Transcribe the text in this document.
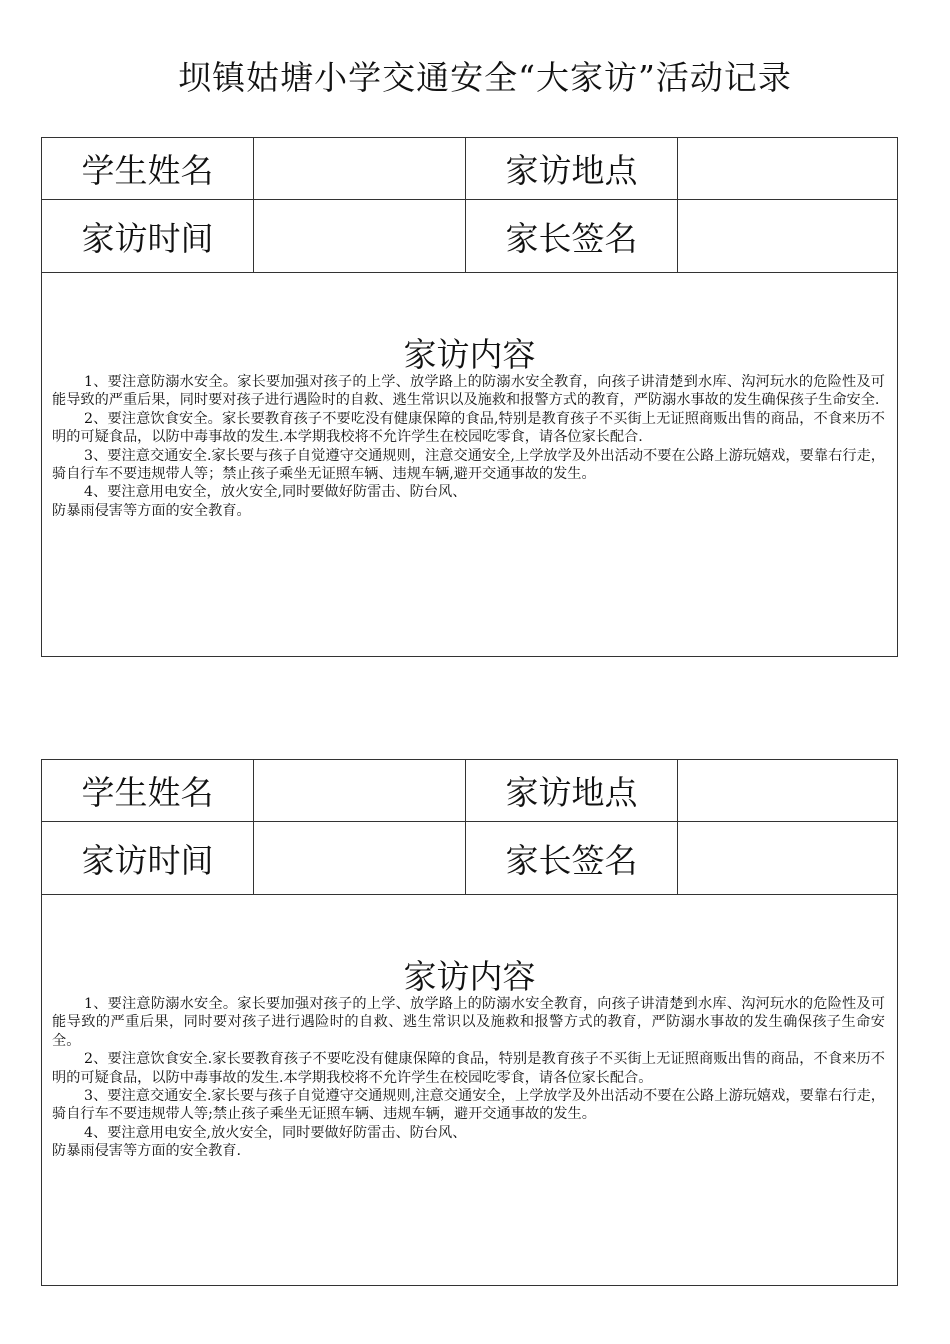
坝镇姑塘小学交通安全“大家访”活动记录
学生姓名	家访地点
家访时间	家长签名
家访内容

1、要注意防溺水安全。家长要加强对孩子的上学、放学路上的防溺水安全教育，向孩子讲清楚到水库、沟河玩水的危险性及可能导致的严重后果，同时要对孩子进行遇险时的自救、逃生常识以及施救和报警方式的教育，严防溺水事故的发生确保孩子生命安全.

2、要注意饮食安全。家长要教育孩子不要吃没有健康保障的食品,特别是教育孩子不买街上无证照商贩出售的商品，不食来历不明的可疑食品，以防中毒事故的发生.本学期我校将不允许学生在校园吃零食，请各位家长配合.

3、要注意交通安全.家长要与孩子自觉遵守交通规则，注意交通安全,上学放学及外出活动不要在公路上游玩嬉戏，要靠右行走，骑自行车不要违规带人等；禁止孩子乘坐无证照车辆、违规车辆,避开交通事故的发生。

4、要注意用电安全，放火安全,同时要做好防雷击、防台风、

防暴雨侵害等方面的安全教育。

学生姓名	家访地点
家访时间	家长签名
家访内容

1、要注意防溺水安全。家长要加强对孩子的上学、放学路上的防溺水安全教育，向孩子讲清楚到水库、沟河玩水的危险性及可能导致的严重后果，同时要对孩子进行遇险时的自救、逃生常识以及施救和报警方式的教育，严防溺水事故的发生确保孩子生命安全。

2、要注意饮食安全.家长要教育孩子不要吃没有健康保障的食品，特别是教育孩子不买街上无证照商贩出售的商品，不食来历不明的可疑食品，以防中毒事故的发生.本学期我校将不允许学生在校园吃零食，请各位家长配合。

3、要注意交通安全.家长要与孩子自觉遵守交通规则,注意交通安全，上学放学及外出活动不要在公路上游玩嬉戏，要靠右行走，骑自行车不要违规带人等;禁止孩子乘坐无证照车辆、违规车辆，避开交通事故的发生。

4、要注意用电安全,放火安全，同时要做好防雷击、防台风、

防暴雨侵害等方面的安全教育.
